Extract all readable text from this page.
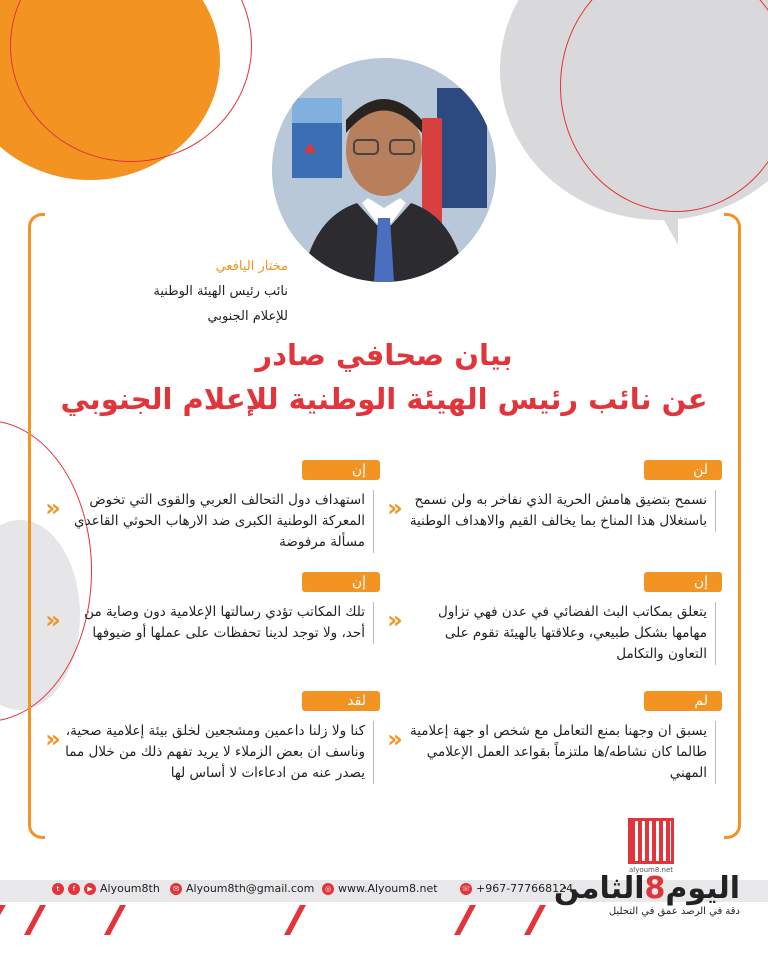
مختار اليافعي
نائب رئيس الهيئة الوطنية
للإعلام الجنوبي
بيان صحافي صادر
عن نائب رئيس الهيئة الوطنية للإعلام الجنوبي
لن
نسمح بتضيق هامش الحرية الذي نفاخر به ولن نسمح باستغلال هذا المناخ بما يخالف القيم والاهداف الوطنية
«
إن
يتعلق بمكاتب البث الفضائي في عدن فهي تزاول مهامها بشكل طبيعي، وعلاقتها بالهيئة تقوم على التعاون والتكامل
«
لم
يسبق ان وجهنا بمنع التعامل مع شخص او جهة إعلامية طالما كان نشاطه/ها ملتزماً بقواعد العمل الإعلامي المهني
«
إن
استهداف دول التحالف العربي والقوى التي تخوض المعركة الوطنية الكبرى ضد الارهاب الحوثي القاعدي مسألة مرفوضة
«
إن
تلك المكاتب تؤدي رسالتها الإعلامية دون وصاية من أحد، ولا توجد لدينا تحفظات على عملها أو ضيوفها
«
لقد
كنا ولا زلنا داعمين ومشجعين لخلق بيئة إعلامية صحية، وناسف ان بعض الزملاء لا يريد تفهم ذلك من خلال مما يصدر عنه من ادعاءات لا أساس لها
«
alyoum8.net
t	f	▶ Alyoum8th	✉ Alyoum8th@gmail.com	◎ www.Alyoum8.net	☏ +967-777668124	اليوم8الثامن
دقة في الرصد عمق في التحليل
